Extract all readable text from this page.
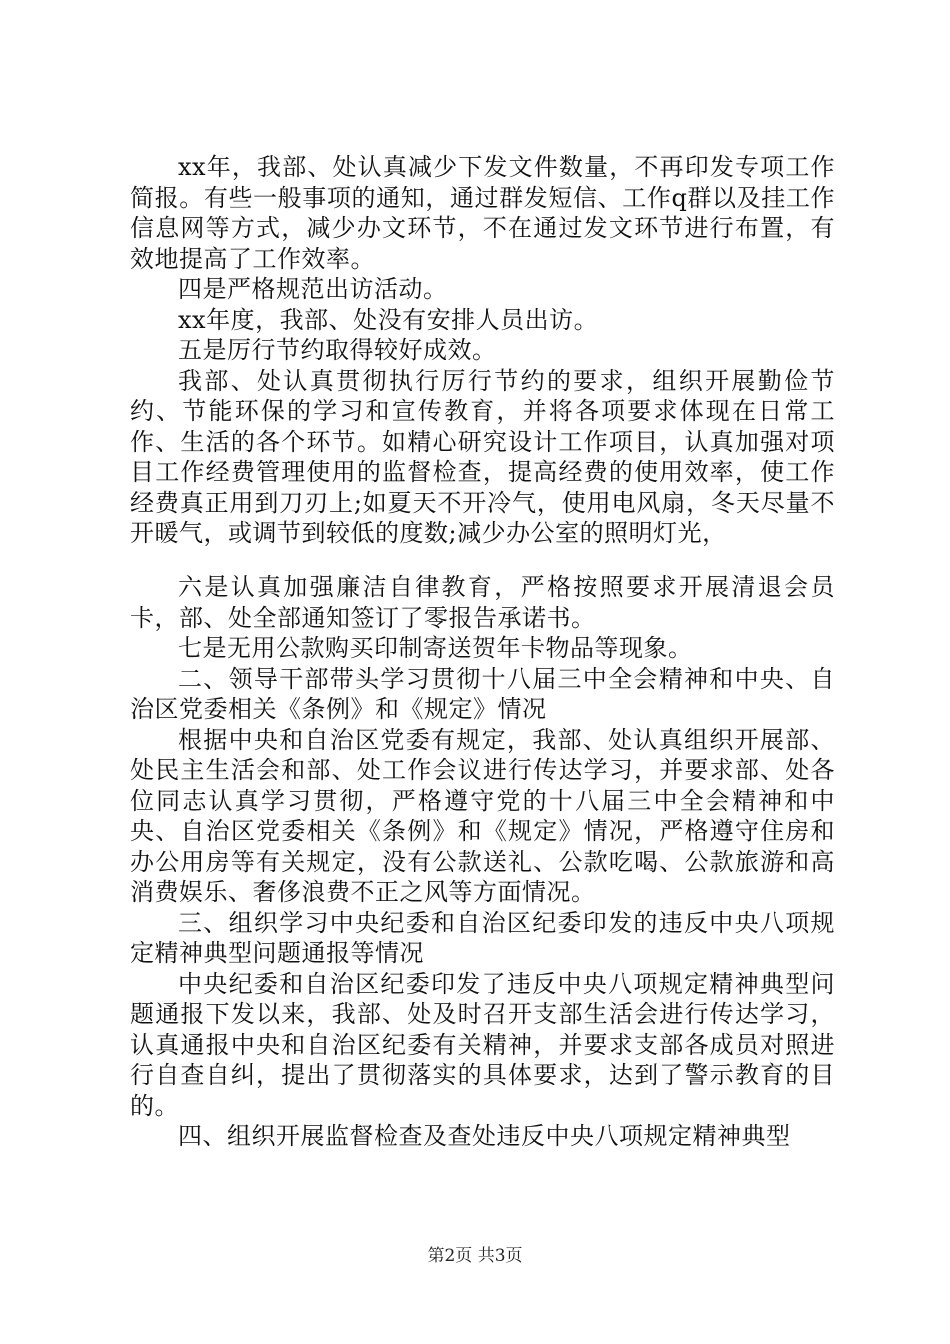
xx年，我部、处认真减少下发文件数量，不再印发专项工作简报。有些一般事项的通知，通过群发短信、工作q群以及挂工作信息网等方式，减少办文环节，不在通过发文环节进行布置，有效地提高了工作效率。

四是严格规范出访活动。

xx年度，我部、处没有安排人员出访。

五是厉行节约取得较好成效。

我部、处认真贯彻执行厉行节约的要求，组织开展勤俭节约、节能环保的学习和宣传教育，并将各项要求体现在日常工作、生活的各个环节。如精心研究设计工作项目，认真加强对项目工作经费管理使用的监督检查，提高经费的使用效率，使工作经费真正用到刀刃上;如夏天不开冷气，使用电风扇，冬天尽量不开暖气，或调节到较低的度数;减少办公室的照明灯光，

六是认真加强廉洁自律教育，严格按照要求开展清退会员卡，部、处全部通知签订了零报告承诺书。

七是无用公款购买印制寄送贺年卡物品等现象。

二、领导干部带头学习贯彻十八届三中全会精神和中央、自治区党委相关《条例》和《规定》情况

根据中央和自治区党委有规定，我部、处认真组织开展部、处民主生活会和部、处工作会议进行传达学习，并要求部、处各位同志认真学习贯彻，严格遵守党的十八届三中全会精神和中央、自治区党委相关《条例》和《规定》情况，严格遵守住房和办公用房等有关规定，没有公款送礼、公款吃喝、公款旅游和高消费娱乐、奢侈浪费不正之风等方面情况。

三、组织学习中央纪委和自治区纪委印发的违反中央八项规定精神典型问题通报等情况

中央纪委和自治区纪委印发了违反中央八项规定精神典型问题通报下发以来，我部、处及时召开支部生活会进行传达学习，认真通报中央和自治区纪委有关精神，并要求支部各成员对照进行自查自纠，提出了贯彻落实的具体要求，达到了警示教育的目的。

四、组织开展监督检查及查处违反中央八项规定精神典型

第2页 共3页
